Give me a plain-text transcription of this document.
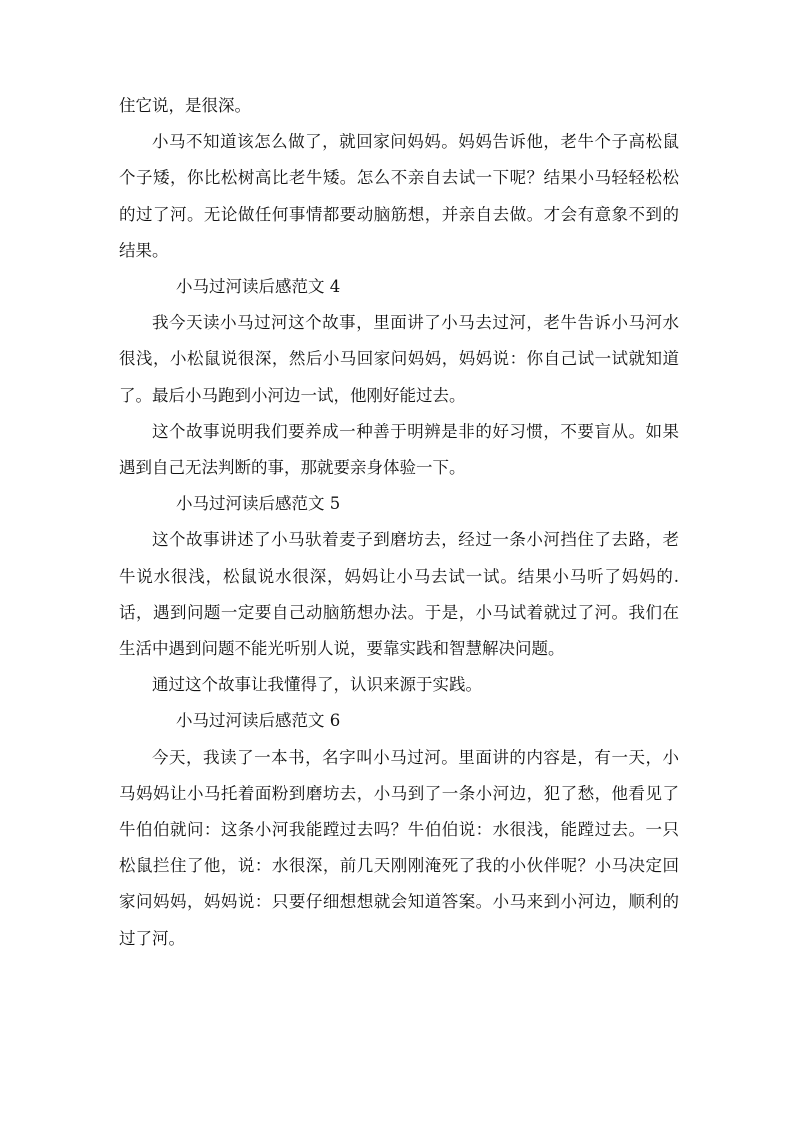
住它说，是很深。

小马不知道该怎么做了，就回家问妈妈。妈妈告诉他，老牛个子高松鼠个子矮，你比松树高比老牛矮。怎么不亲自去试一下呢？结果小马轻轻松松的过了河。无论做任何事情都要动脑筋想，并亲自去做。才会有意象不到的结果。

小马过河读后感范文 4

我今天读小马过河这个故事，里面讲了小马去过河，老牛告诉小马河水很浅，小松鼠说很深，然后小马回家问妈妈，妈妈说：你自己试一试就知道了。最后小马跑到小河边一试，他刚好能过去。

这个故事说明我们要养成一种善于明辨是非的好习惯，不要盲从。如果遇到自己无法判断的事，那就要亲身体验一下。

小马过河读后感范文 5

这个故事讲述了小马驮着麦子到磨坊去，经过一条小河挡住了去路，老牛说水很浅，松鼠说水很深，妈妈让小马去试一试。结果小马听了妈妈的.话，遇到问题一定要自己动脑筋想办法。于是，小马试着就过了河。我们在生活中遇到问题不能光听别人说，要靠实践和智慧解决问题。

通过这个故事让我懂得了，认识来源于实践。

小马过河读后感范文 6

今天，我读了一本书，名字叫小马过河。里面讲的内容是，有一天，小马妈妈让小马托着面粉到磨坊去，小马到了一条小河边，犯了愁，他看见了牛伯伯就问：这条小河我能蹚过去吗？牛伯伯说：水很浅，能蹚过去。一只松鼠拦住了他，说：水很深，前几天刚刚淹死了我的小伙伴呢？小马决定回家问妈妈，妈妈说：只要仔细想想就会知道答案。小马来到小河边，顺利的过了河。
